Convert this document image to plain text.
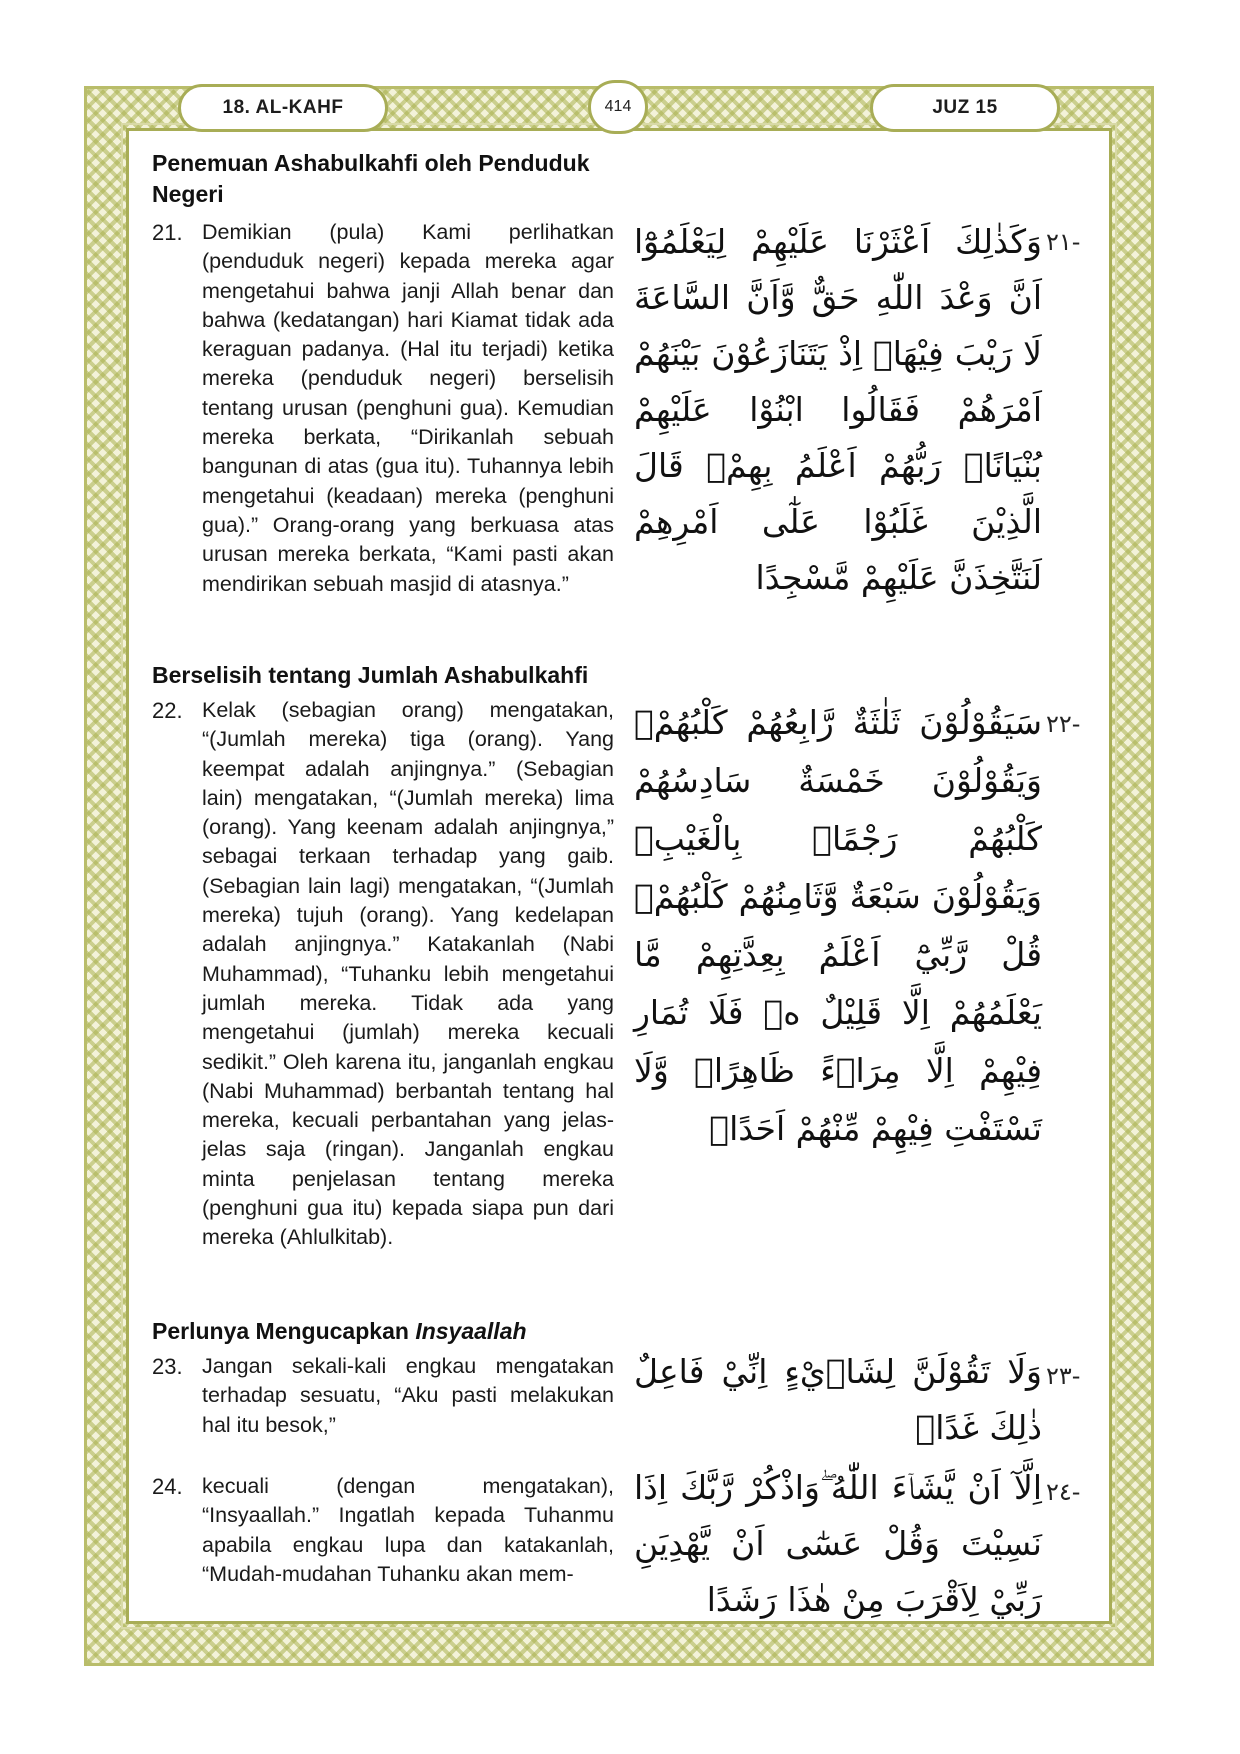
18. AL-KAHF	414	JUZ 15
Penemuan Ashabulkahfi oleh Penduduk Negeri
21. Demikian (pula) Kami perlihatkan (penduduk negeri) kepada mereka agar mengetahui bahwa janji Allah benar dan bahwa (kedatangan) hari Kiamat tidak ada keraguan padanya. (Hal itu terjadi) ketika mereka (penduduk negeri) berselisih tentang urusan (penghuni gua). Kemudian mereka berkata, “Dirikanlah sebuah bangunan di atas (gua itu). Tuhannya lebih mengetahui (keadaan) mereka (penghuni gua).” Orang-orang yang berkuasa atas urusan mereka berkata, “Kami pasti akan mendirikan sebuah masjid di atasnya.”
وَكَذٰلِكَ اَعْثَرْنَا عَلَيْهِمْ لِيَعْلَمُوْٓا اَنَّ وَعْدَ اللّٰهِ حَقٌّ وَّاَنَّ السَّاعَةَ لَا رَيْبَ فِيْهَاۚ اِذْ يَتَنَازَعُوْنَ بَيْنَهُمْ اَمْرَهُمْ فَقَالُوا ابْنُوْا عَلَيْهِمْ بُنْيَانًاۗ رَبُّهُمْ اَعْلَمُ بِهِمْۗ قَالَ الَّذِيْنَ غَلَبُوْا عَلٰٓى اَمْرِهِمْ لَنَتَّخِذَنَّ عَلَيْهِمْ مَّسْجِدًا
-٢١
Berselisih tentang Jumlah Ashabulkahfi
22. Kelak (sebagian orang) mengatakan, “(Jumlah mereka) tiga (orang). Yang keempat adalah anjingnya.” (Sebagian lain) mengatakan, “(Jumlah mereka) lima (orang). Yang keenam adalah anjingnya,” sebagai terkaan terhadap yang gaib. (Sebagian lain lagi) mengatakan, “(Jumlah mereka) tujuh (orang). Yang kedelapan adalah anjingnya.” Katakanlah (Nabi Muhammad), “Tuhanku lebih mengetahui jumlah mereka. Tidak ada yang mengetahui (jumlah) mereka kecuali sedikit.” Oleh karena itu, janganlah engkau (Nabi Muhammad) berbantah tentang hal mereka, kecuali perbantahan yang jelas-jelas saja (ringan). Janganlah engkau minta penjelasan tentang mereka (penghuni gua itu) kepada siapa pun dari mereka (Ahlulkitab).
سَيَقُوْلُوْنَ ثَلٰثَةٌ رَّابِعُهُمْ كَلْبُهُمْۚ وَيَقُوْلُوْنَ خَمْسَةٌ سَادِسُهُمْ كَلْبُهُمْ رَجْمًاۢ بِالْغَيْبِۚ وَيَقُوْلُوْنَ سَبْعَةٌ وَّثَامِنُهُمْ كَلْبُهُمْۗ قُلْ رَّبِّيْٓ اَعْلَمُ بِعِدَّتِهِمْ مَّا يَعْلَمُهُمْ اِلَّا قَلِيْلٌ ەۗ فَلَا تُمَارِ فِيْهِمْ اِلَّا مِرَاۤءً ظَاهِرًاۖ وَّلَا تَسْتَفْتِ فِيْهِمْ مِّنْهُمْ اَحَدًاࣖ
-٢٢
Perlunya Mengucapkan Insyaallah
23. Jangan sekali-kali engkau mengatakan terhadap sesuatu, “Aku pasti melakukan hal itu besok,”
وَلَا تَقُوْلَنَّ لِشَا۟يْءٍ اِنِّيْ فَاعِلٌ ذٰلِكَ غَدًاۙ
-٢٣
24. kecuali (dengan mengatakan), “Insyaallah.” Ingatlah kepada Tuhanmu apabila engkau lupa dan katakanlah, “Mudah-mudahan Tuhanku akan mem-
اِلَّآ اَنْ يَّشَاۤءَ اللّٰهُ ۖوَاذْكُرْ رَّبَّكَ اِذَا نَسِيْتَ وَقُلْ عَسٰٓى اَنْ يَّهْدِيَنِ رَبِّيْ لِاَقْرَبَ مِنْ هٰذَا رَشَدًا
-٢٤
